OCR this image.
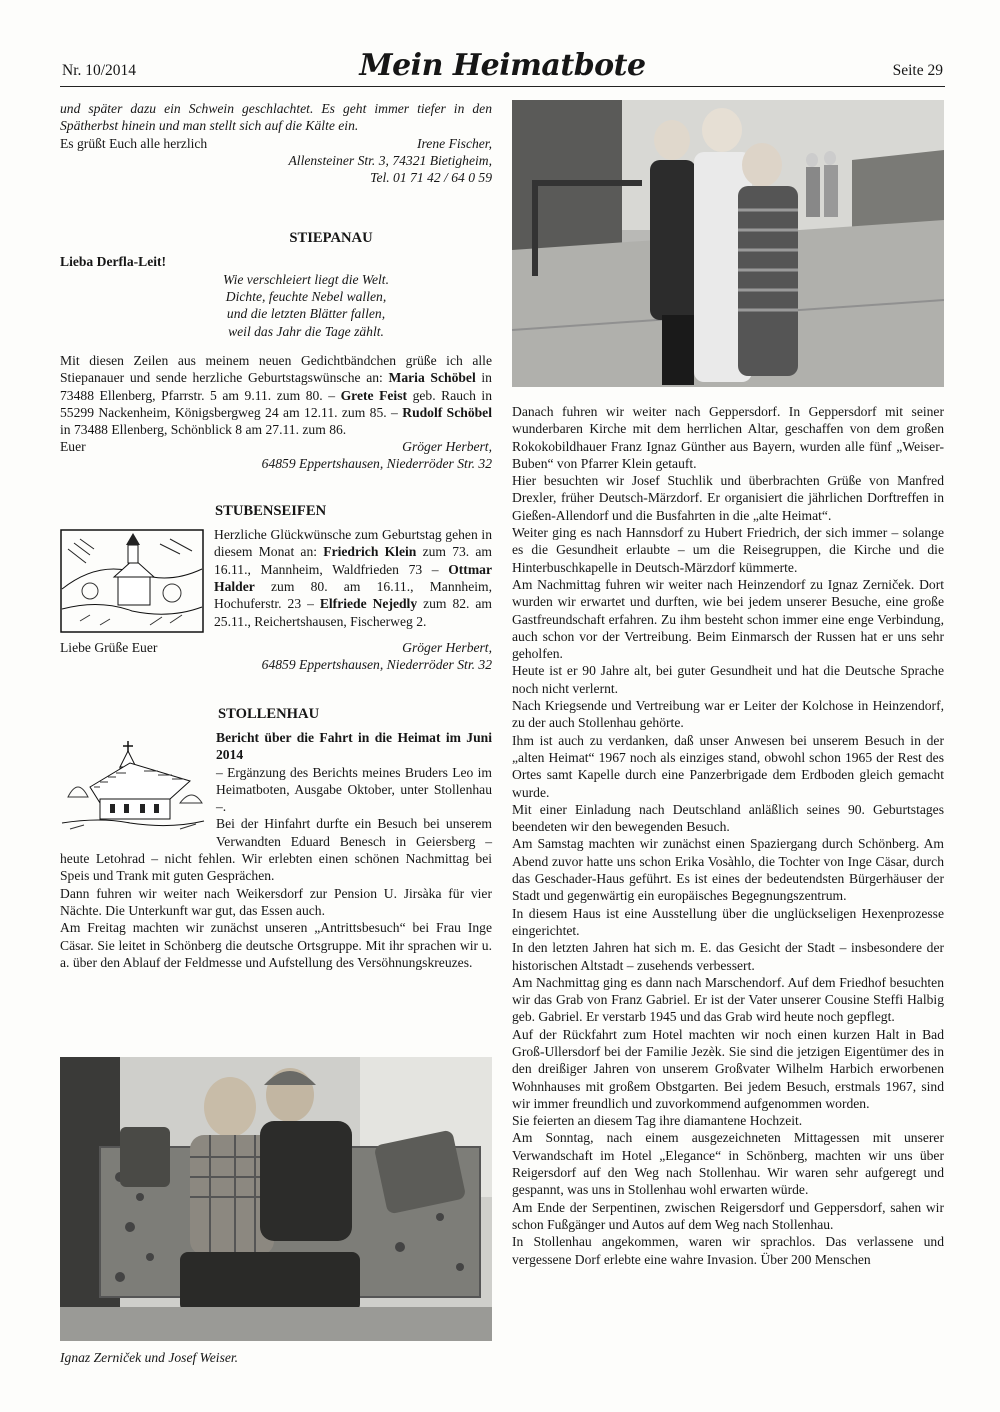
Nr. 10/2014	Mein Heimatbote	Seite 29

und später dazu ein Schwein geschlachtet. Es geht immer tiefer in den Spätherbst hinein und man stellt sich auf die Kälte ein.

Es grüßt Euch alle herzlich	Irene Fischer,

Allensteiner Str. 3, 74321 Bietigheim,

Tel. 01 71 42 / 64 0 59

STIEPANAU

Lieba Derfla-Leit!

Wie verschleiert liegt die Welt.

Dichte, feuchte Nebel wallen,

und die letzten Blätter fallen,

weil das Jahr die Tage zählt.

Mit diesen Zeilen aus meinem neuen Gedichtbändchen grüße ich alle Stiepanauer und sende herzliche Geburtstagswünsche an: Maria Schöbel in 73488 Ellenberg, Pfarrstr. 5 am 9.11. zum 80. – Grete Feist geb. Rauch in 55299 Nackenheim, Königsbergweg 24 am 12.11. zum 85. – Rudolf Schöbel in 73488 Ellenberg, Schönblick 8 am 27.11. zum 86.

Euer	Gröger Herbert,

64859 Eppertshausen, Niederröder Str. 32

STUBENSEIFEN

Herzliche Glückwünsche zum Geburtstag gehen in diesem Monat an: Friedrich Klein zum 73. am 16.11., Mannheim, Waldfrieden 73 – Ottmar Halder zum 80. am 16.11., Mannheim, Hochuferstr. 23 – Elfriede Nejedly zum 82. am 25.11., Reichertshausen, Fischerweg 2.

Liebe Grüße Euer	Gröger Herbert,

64859 Eppertshausen, Niederröder Str. 32

STOLLENHAU

Bericht über die Fahrt in die Heimat im Juni 2014

– Ergänzung des Berichts meines Bruders Leo im Heimatboten, Ausgabe Oktober, unter Stollenhau –.

Bei der Hinfahrt durfte ein Besuch bei unserem Verwandten Eduard Benesch in Geiersberg – heute Letohrad – nicht fehlen. Wir erlebten einen schönen Nachmittag bei Speis und Trank mit guten Gesprächen.

Dann fuhren wir weiter nach Weikersdorf zur Pension U. Jirsàka für vier Nächte. Die Unterkunft war gut, das Essen auch.

Am Freitag machten wir zunächst unseren „Antrittsbesuch“ bei Frau Inge Cäsar. Sie leitet in Schönberg die deutsche Ortsgruppe. Mit ihr sprachen wir u. a. über den Ablauf der Feldmesse und Aufstellung des Versöhnungskreuzes.

Danach fuhren wir weiter nach Geppersdorf. In Geppersdorf mit seiner wunderbaren Kirche mit dem herrlichen Altar, geschaffen von dem großen Rokokobildhauer Franz Ignaz Günther aus Bayern, wurden alle fünf „Weiser-Buben“ von Pfarrer Klein getauft.

Hier besuchten wir Josef Stuchlik und überbrachten Grüße von Manfred Drexler, früher Deutsch-Märzdorf. Er organisiert die jährlichen Dorftreffen in Gießen-Allendorf und die Busfahrten in die „alte Heimat“.

Weiter ging es nach Hannsdorf zu Hubert Friedrich, der sich immer – solange es die Gesundheit erlaubte – um die Reisegruppen, die Kirche und die Hinterbuschkapelle in Deutsch-Märzdorf kümmerte.

Am Nachmittag fuhren wir weiter nach Heinzendorf zu Ignaz Zerniček. Dort wurden wir erwartet und durften, wie bei jedem unserer Besuche, eine große Gastfreundschaft erfahren. Zu ihm besteht schon immer eine enge Verbindung, auch schon vor der Vertreibung. Beim Einmarsch der Russen hat er uns sehr geholfen.

Heute ist er 90 Jahre alt, bei guter Gesundheit und hat die Deutsche Sprache noch nicht verlernt.

Nach Kriegsende und Vertreibung war er Leiter der Kolchose in Heinzendorf, zu der auch Stollenhau gehörte.

Ihm ist auch zu verdanken, daß unser Anwesen bei unserem Besuch in der „alten Heimat“ 1967 noch als einziges stand, obwohl schon 1965 der Rest des Ortes samt Kapelle durch eine Panzerbrigade dem Erdboden gleich gemacht wurde.

Mit einer Einladung nach Deutschland anläßlich seines 90. Geburtstages beendeten wir den bewegenden Besuch.

Am Samstag machten wir zunächst einen Spaziergang durch Schönberg. Am Abend zuvor hatte uns schon Erika Vosàhlo, die Tochter von Inge Cäsar, durch das Geschader-Haus geführt. Es ist eines der bedeutendsten Bürgerhäuser der Stadt und gegenwärtig ein europäisches Begegnungszentrum.

In diesem Haus ist eine Ausstellung über die unglückseligen Hexenprozesse eingerichtet.

In den letzten Jahren hat sich m. E. das Gesicht der Stadt – insbesondere der historischen Altstadt – zusehends verbessert.

Am Nachmittag ging es dann nach Marschendorf. Auf dem Friedhof besuchten wir das Grab von Franz Gabriel. Er ist der Vater unserer Cousine Steffi Halbig geb. Gabriel. Er verstarb 1945 und das Grab wird heute noch gepflegt.

Auf der Rückfahrt zum Hotel machten wir noch einen kurzen Halt in Bad Groß-Ullersdorf bei der Familie Jezèk. Sie sind die jetzigen Eigentümer des in den dreißiger Jahren von unserem Großvater Wilhelm Harbich erworbenen Wohnhauses mit großem Obstgarten. Bei jedem Besuch, erstmals 1967, sind wir immer freundlich und zuvorkommend aufgenommen worden.

Sie feierten an diesem Tag ihre diamantene Hochzeit.

Am Sonntag, nach einem ausgezeichneten Mittagessen mit unserer Verwandschaft im Hotel „Elegance“ in Schönberg, machten wir uns über Reigersdorf auf den Weg nach Stollenhau. Wir waren sehr aufgeregt und gespannt, was uns in Stollenhau wohl erwarten würde.

Am Ende der Serpentinen, zwischen Reigersdorf und Geppersdorf, sahen wir schon Fußgänger und Autos auf dem Weg nach Stollenhau.

In Stollenhau angekommen, waren wir sprachlos. Das verlassene und vergessene Dorf erlebte eine wahre Invasion. Über 200 Menschen

Ignaz Zerniček und Josef Weiser.
